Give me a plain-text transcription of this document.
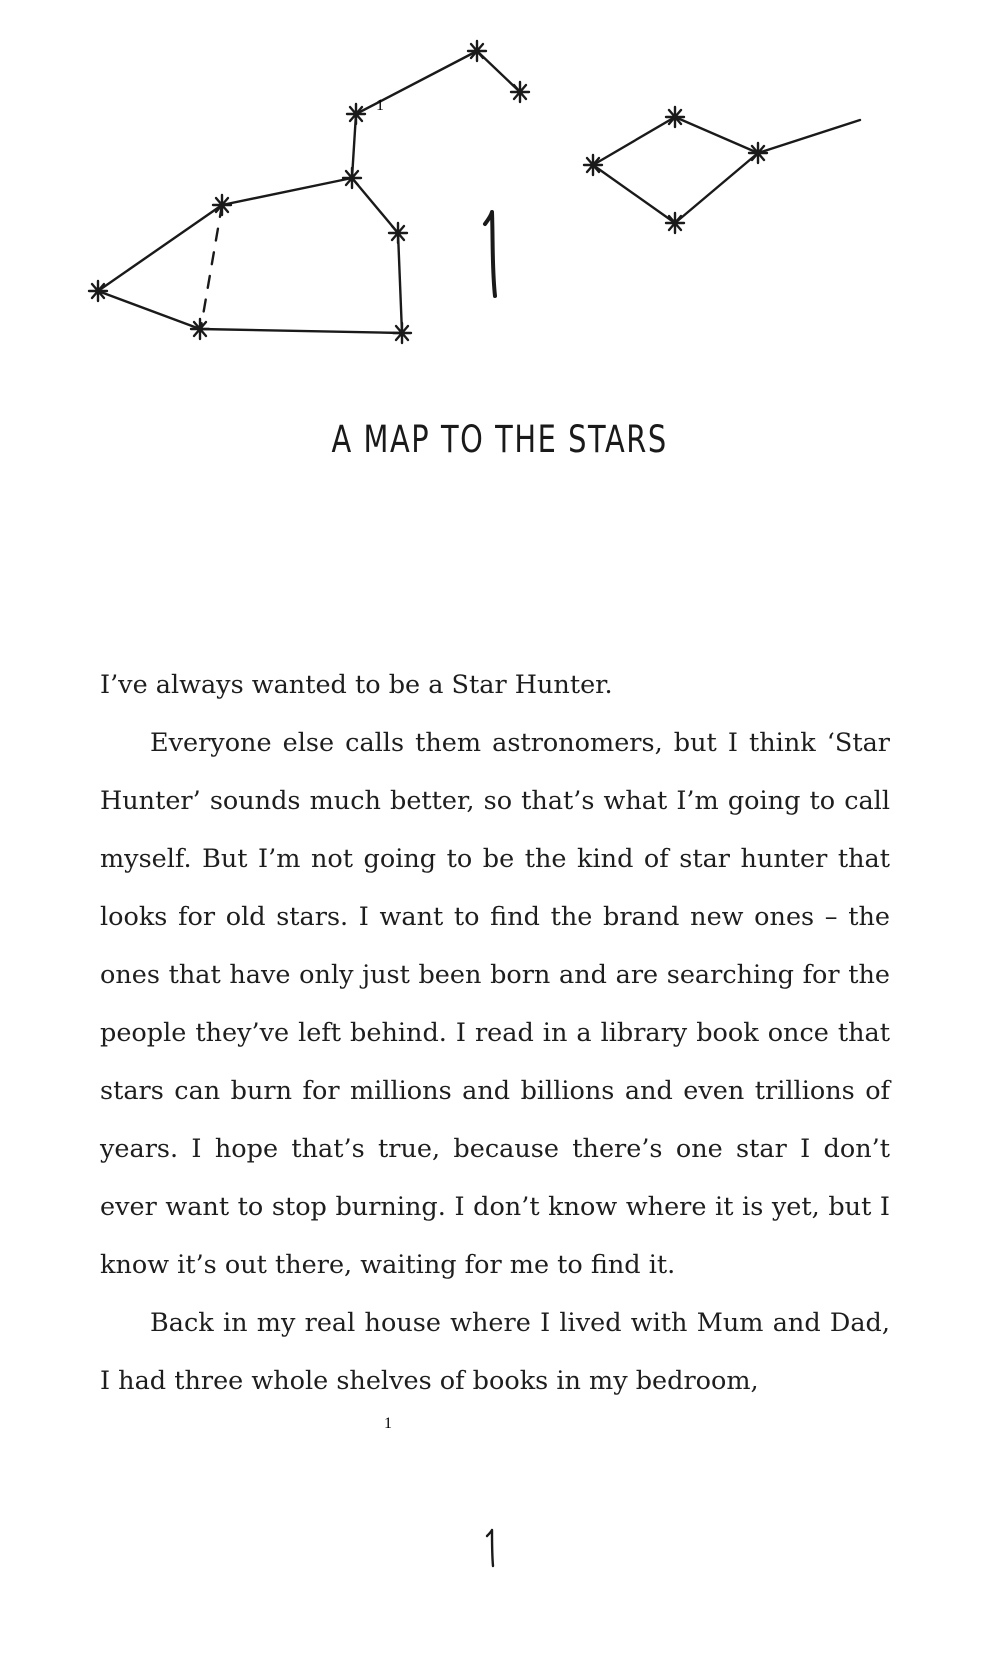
1
A MAP TO THE STARS

I’ve always wanted to be a Star Hunter.

Everyone else calls them astronomers, but I think ‘Star Hunter’ sounds much better, so that’s what I’m going to call myself. But I’m not going to be the kind of star hunter that looks for old stars. I want to find the brand new ones – the ones that have only just been born and are searching for the people they’ve left behind. I read in a library book once that stars can burn for millions and billions and even trillions of years. I hope that’s true, because there’s one star I don’t ever want to stop burning. I don’t know where it is yet, but I know it’s out there, waiting for me to find it.

Back in my real house where I lived with Mum and Dad, I had three whole shelves of books in my bedroom,

1
